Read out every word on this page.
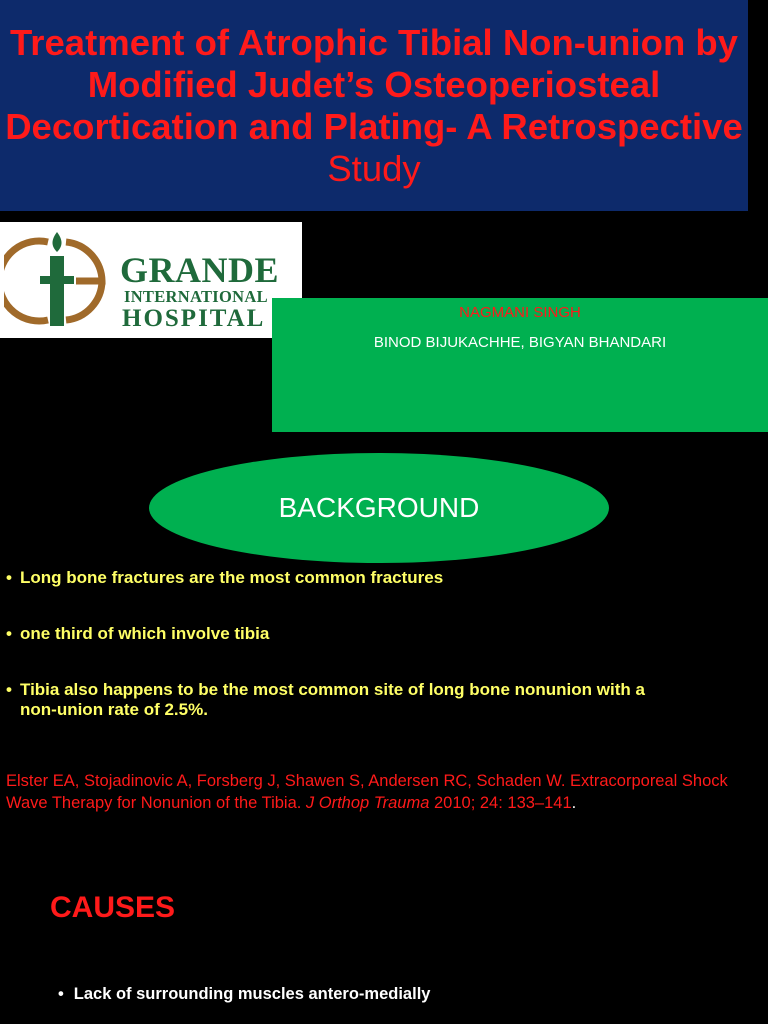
Treatment of Atrophic Tibial Non-union by Modified Judet’s Osteoperiosteal Decortication and Plating- A Retrospective Study
GRANDE
INTERNATIONAL
HOSPITAL	NAGMANI SINGH
BINOD BIJUKACHHE, BIGYAN BHANDARI
BACKGROUND
• Long bone fractures are the most common fractures
• one third of which involve tibia
• Tibia also happens to be the most common site of long bone nonunion with a non-union rate of 2.5%.
Elster EA, Stojadinovic A, Forsberg J, Shawen S, Andersen RC, Schaden W. Extracorporeal Shock Wave Therapy for Nonunion of the Tibia. J Orthop Trauma 2010; 24: 133–141.
CAUSES
• Lack of surrounding muscles antero-medially
